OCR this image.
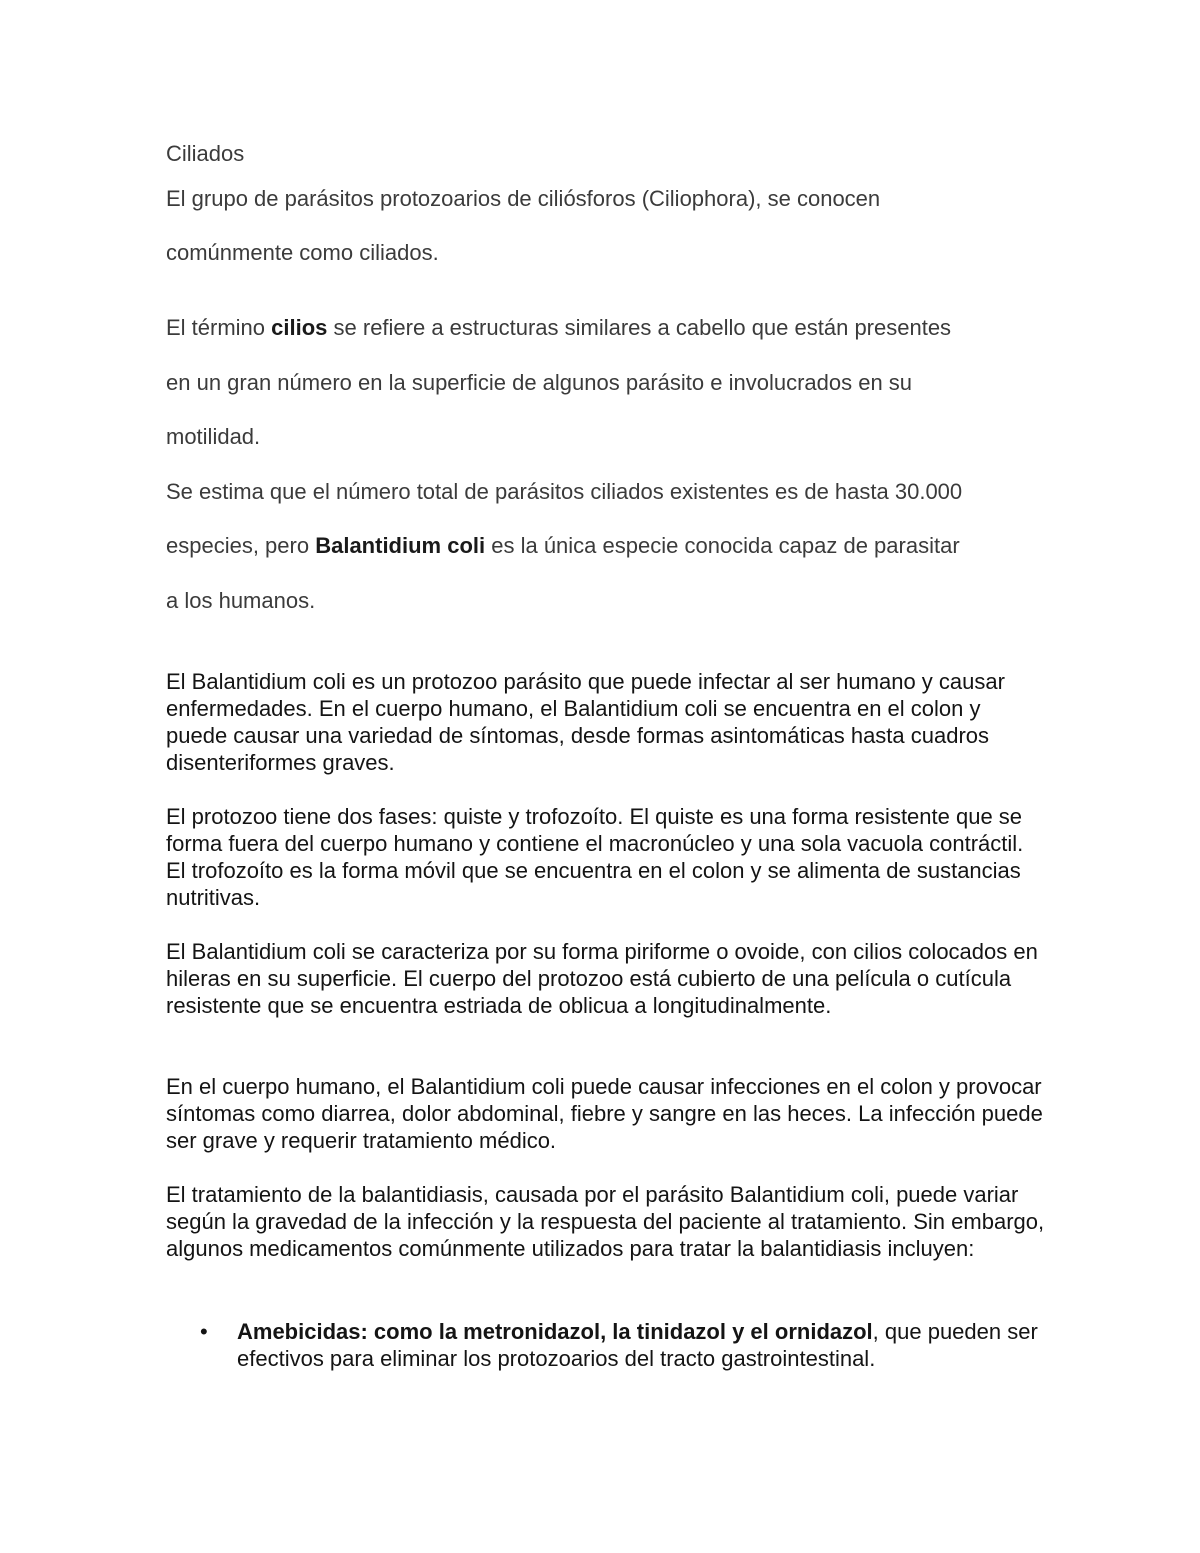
Ciliados

El grupo de parásitos protozoarios de ciliósforos (Ciliophora), se conocen

comúnmente como ciliados.

El término cilios se refiere a estructuras similares a cabello que están presentes

en un gran número en la superficie de algunos parásito e involucrados en su

motilidad.

Se estima que el número total de parásitos ciliados existentes es de hasta 30.000

especies, pero Balantidium coli es la única especie conocida capaz de parasitar

a los humanos.

El Balantidium coli es un protozoo parásito que puede infectar al ser humano y causar enfermedades. En el cuerpo humano, el Balantidium coli se encuentra en el colon y puede causar una variedad de síntomas, desde formas asintomáticas hasta cuadros disenteriformes graves.

El protozoo tiene dos fases: quiste y trofozoíto. El quiste es una forma resistente que se forma fuera del cuerpo humano y contiene el macronúcleo y una sola vacuola contráctil. El trofozoíto es la forma móvil que se encuentra en el colon y se alimenta de sustancias nutritivas.

El Balantidium coli se caracteriza por su forma piriforme o ovoide, con cilios colocados en hileras en su superficie. El cuerpo del protozoo está cubierto de una película o cutícula resistente que se encuentra estriada de oblicua a longitudinalmente.

En el cuerpo humano, el Balantidium coli puede causar infecciones en el colon y provocar síntomas como diarrea, dolor abdominal, fiebre y sangre en las heces. La infección puede ser grave y requerir tratamiento médico.

El tratamiento de la balantidiasis, causada por el parásito Balantidium coli, puede variar según la gravedad de la infección y la respuesta del paciente al tratamiento. Sin embargo, algunos medicamentos comúnmente utilizados para tratar la balantidiasis incluyen:

• Amebicidas: como la metronidazol, la tinidazol y el ornidazol, que pueden ser efectivos para eliminar los protozoarios del tracto gastrointestinal.
